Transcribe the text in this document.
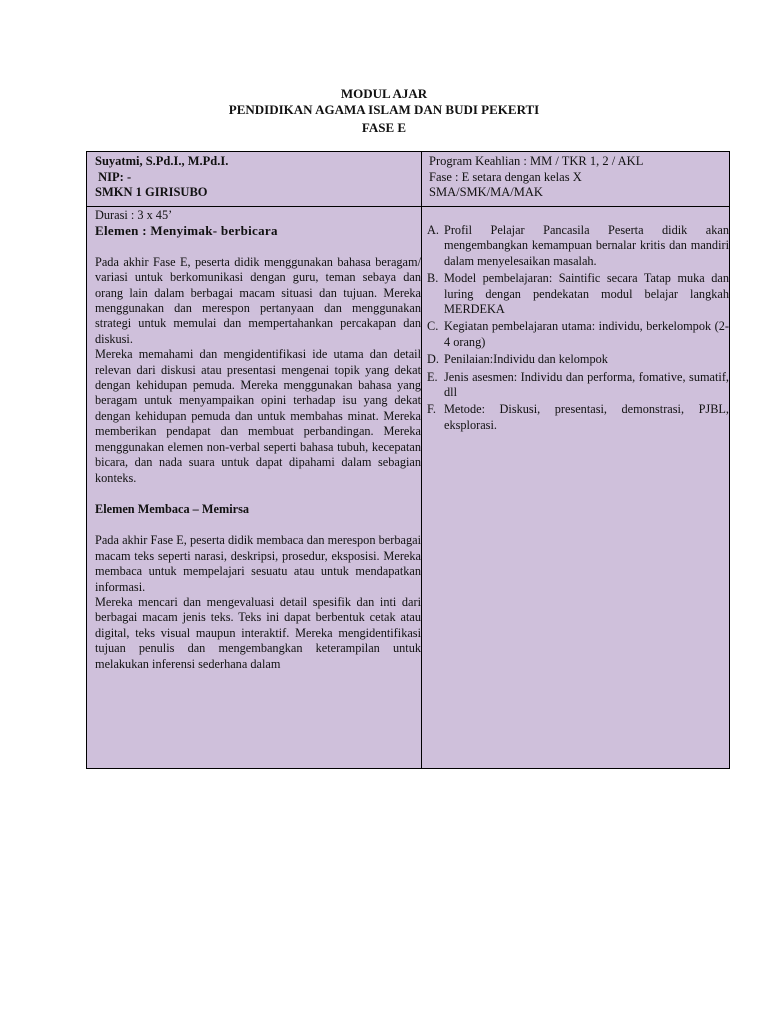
MODUL AJAR
PENDIDIKAN AGAMA ISLAM DAN BUDI PEKERTI
FASE E
Suyatmi, S.Pd.I., M.Pd.I.
NIP: -
SMKN 1 GIRISUBO
Program Keahlian : MM / TKR 1, 2 / AKL
Fase : E setara dengan kelas X
SMA/SMK/MA/MAK
Durasi : 3 x 45’
Elemen : Menyimak- berbicara

Pada akhir Fase E, peserta didik menggunakan bahasa beragam/ variasi untuk berkomunikasi dengan guru, teman sebaya dan orang lain dalam berbagai macam situasi dan tujuan. Mereka menggunakan dan merespon pertanyaan dan menggunakan strategi untuk memulai dan mempertahankan percakapan dan diskusi.

Mereka memahami dan mengidentifikasi ide utama dan detail relevan dari diskusi atau presentasi mengenai topik yang dekat dengan kehidupan pemuda. Mereka menggunakan bahasa yang beragam untuk menyampaikan opini terhadap isu yang dekat dengan kehidupan pemuda dan untuk membahas minat. Mereka memberikan pendapat dan membuat perbandingan. Mereka menggunakan elemen non-verbal seperti bahasa tubuh, kecepatan bicara, dan nada suara untuk dapat dipahami dalam sebagian konteks.

Elemen Membaca – Memirsa

Pada akhir Fase E, peserta didik membaca dan merespon berbagai macam teks seperti narasi, deskripsi, prosedur, eksposisi. Mereka membaca untuk mempelajari sesuatu atau untuk mendapatkan informasi.

Mereka mencari dan mengevaluasi detail spesifik dan inti dari berbagai macam jenis teks. Teks ini dapat berbentuk cetak atau digital, teks visual maupun interaktif. Mereka mengidentifikasi tujuan penulis dan mengembangkan keterampilan untuk melakukan inferensi sederhana dalam

A. Profil Pelajar Pancasila Peserta didik akan mengembangkan kemampuan bernalar kritis dan mandiri dalam menyelesaikan masalah.
B. Model pembelajaran: Saintific secara Tatap muka dan luring dengan pendekatan modul belajar langkah MERDEKA
C. Kegiatan pembelajaran utama: individu, berkelompok (2-4 orang)
D. Penilaian:Individu dan kelompok
E. Jenis asesmen: Individu dan performa, fomative, sumatif, dll
F. Metode: Diskusi, presentasi, demonstrasi, PJBL, eksplorasi.
